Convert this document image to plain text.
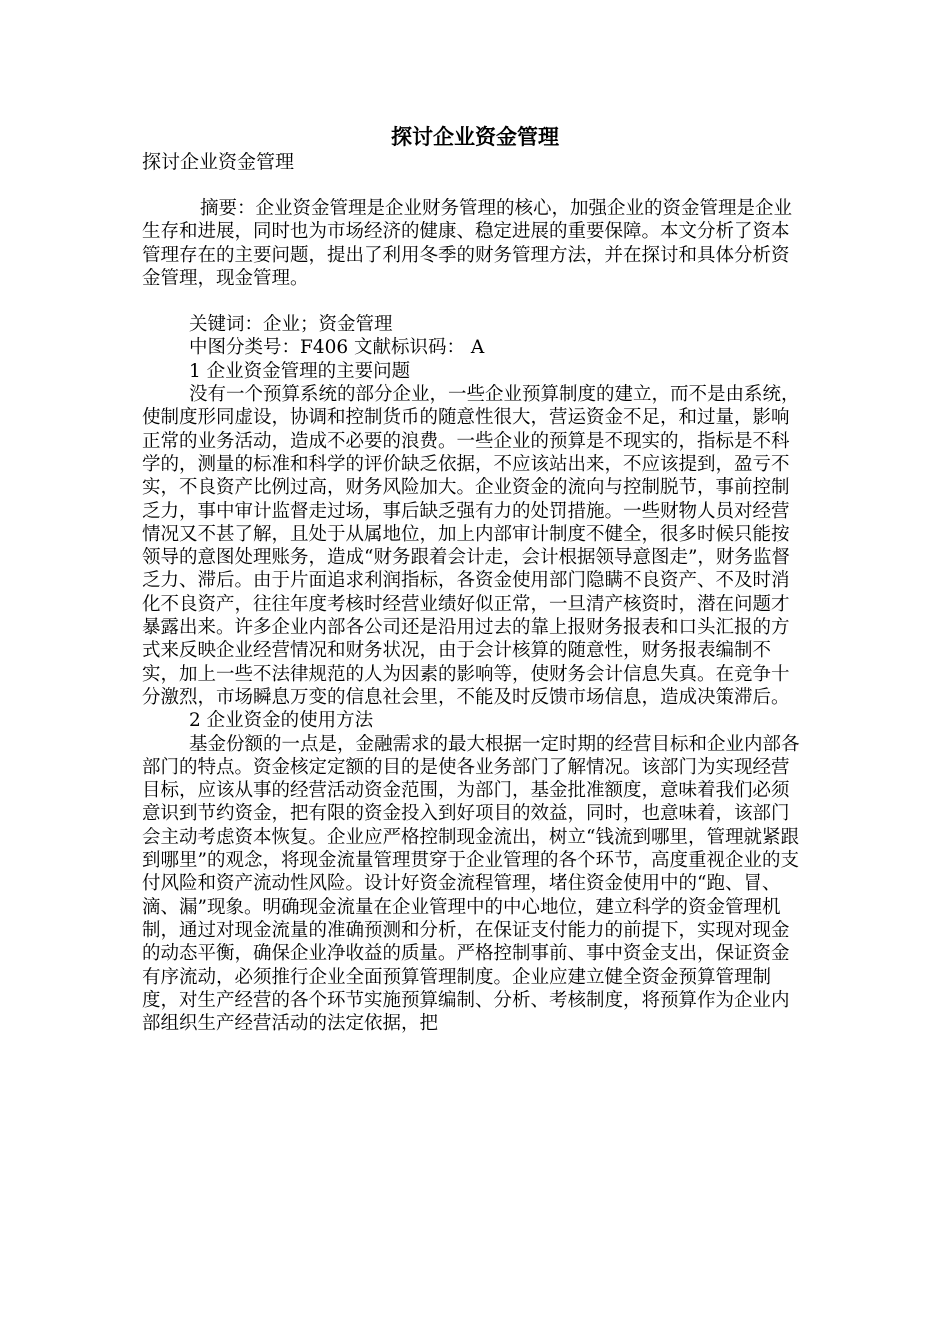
探讨企业资金管理
探讨企业资金管理

摘要：企业资金管理是企业财务管理的核心，加强企业的资金管理是企业生存和进展，同时也为市场经济的健康、稳定进展的重要保障。本文分析了资本管理存在的主要问题，提出了利用冬季的财务管理方法，并在探讨和具体分析资金管理，现金管理。

关键词：企业；资金管理

中图分类号：F406 文献标识码： A

1 企业资金管理的主要问题

没有一个预算系统的部分企业，一些企业预算制度的建立，而不是由系统，使制度形同虚设，协调和控制货币的随意性很大，营运资金不足，和过量，影响正常的业务活动，造成不必要的浪费。一些企业的预算是不现实的，指标是不科学的，测量的标准和科学的评价缺乏依据，不应该站出来，不应该提到，盈亏不实，不良资产比例过高，财务风险加大。企业资金的流向与控制脱节，事前控制乏力，事中审计监督走过场，事后缺乏强有力的处罚措施。一些财物人员对经营情况又不甚了解，且处于从属地位，加上内部审计制度不健全，很多时候只能按领导的意图处理账务，造成“财务跟着会计走，会计根据领导意图走”，财务监督乏力、滞后。由于片面追求利润指标，各资金使用部门隐瞒不良资产、不及时消化不良资产，往往年度考核时经营业绩好似正常，一旦清产核资时，潜在问题才暴露出来。许多企业内部各公司还是沿用过去的靠上报财务报表和口头汇报的方式来反映企业经营情况和财务状况，由于会计核算的随意性，财务报表编制不实，加上一些不法律规范的人为因素的影响等，使财务会计信息失真。在竞争十分激烈，市场瞬息万变的信息社会里，不能及时反馈市场信息，造成决策滞后。

2 企业资金的使用方法

基金份额的一点是，金融需求的最大根据一定时期的经营目标和企业内部各部门的特点。资金核定定额的目的是使各业务部门了解情况。该部门为实现经营目标，应该从事的经营活动资金范围，为部门，基金批准额度，意味着我们必须意识到节约资金，把有限的资金投入到好项目的效益，同时，也意味着，该部门会主动考虑资本恢复。企业应严格控制现金流出，树立“钱流到哪里，管理就紧跟到哪里”的观念，将现金流量管理贯穿于企业管理的各个环节，高度重视企业的支付风险和资产流动性风险。设计好资金流程管理，堵住资金使用中的“跑、冒、滴、漏”现象。明确现金流量在企业管理中的中心地位，建立科学的资金管理机制，通过对现金流量的准确预测和分析，在保证支付能力的前提下，实现对现金的动态平衡，确保企业净收益的质量。严格控制事前、事中资金支出，保证资金有序流动，必须推行企业全面预算管理制度。企业应建立健全资金预算管理制度，对生产经营的各个环节实施预算编制、分析、考核制度，将预算作为企业内部组织生产经营活动的法定依据，把
